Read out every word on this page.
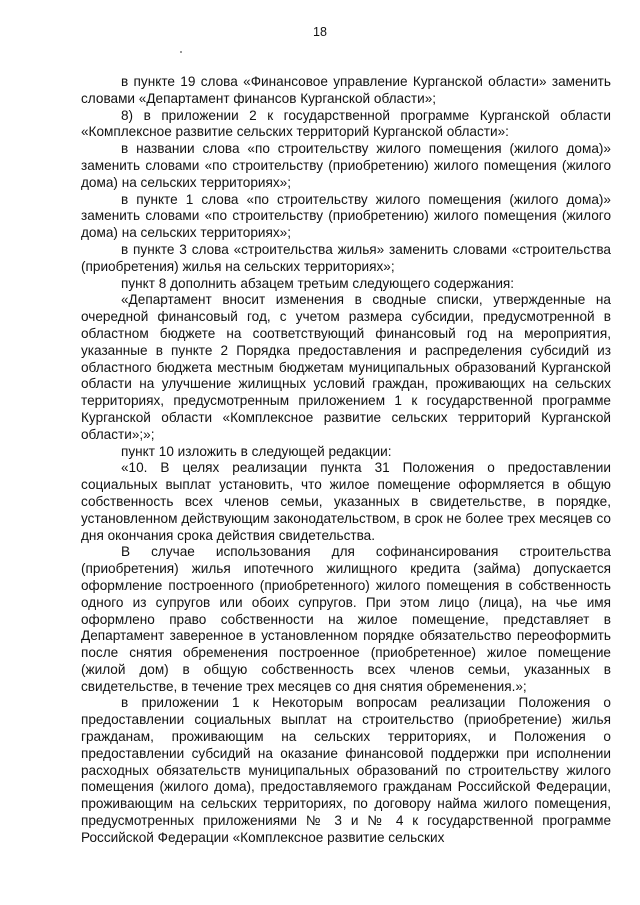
18

в пункте 19 слова «Финансовое управление Курганской области» заменить словами «Департамент финансов Курганской области»;

8) в приложении 2 к государственной программе Курганской области «Комплексное развитие сельских территорий Курганской области»:

в названии слова «по строительству жилого помещения (жилого дома)» заменить словами «по строительству (приобретению) жилого помещения (жилого дома) на сельских территориях»;

в пункте 1 слова «по строительству жилого помещения (жилого дома)» заменить словами «по строительству (приобретению) жилого помещения (жилого дома) на сельских территориях»;

в пункте 3 слова «строительства жилья» заменить словами «строительства (приобретения) жилья на сельских территориях»;

пункт 8 дополнить абзацем третьим следующего содержания:

«Департамент вносит изменения в сводные списки, утвержденные на очередной финансовый год, с учетом размера субсидии, предусмотренной в областном бюджете на соответствующий финансовый год на мероприятия, указанные в пункте 2 Порядка предоставления и распределения субсидий из областного бюджета местным бюджетам муниципальных образований Курганской области на улучшение жилищных условий граждан, проживающих на сельских территориях, предусмотренным приложением 1 к государственной программе Курганской области «Комплексное развитие сельских территорий Курганской области»;»;

пункт 10 изложить в следующей редакции:

«10. В целях реализации пункта 31 Положения о предоставлении социальных выплат установить, что жилое помещение оформляется в общую собственность всех членов семьи, указанных в свидетельстве, в порядке, установленном действующим законодательством, в срок не более трех месяцев со дня окончания срока действия свидетельства.

В случае использования для софинансирования строительства (приобретения) жилья ипотечного жилищного кредита (займа) допускается оформление построенного (приобретенного) жилого помещения в собственность одного из супругов или обоих супругов. При этом лицо (лица), на чье имя оформлено право собственности на жилое помещение, представляет в Департамент заверенное в установленном порядке обязательство переоформить после снятия обременения построенное (приобретенное) жилое помещение (жилой дом) в общую собственность всех членов семьи, указанных в свидетельстве, в течение трех месяцев со дня снятия обременения.»;

в приложении 1 к Некоторым вопросам реализации Положения о предоставлении социальных выплат на строительство (приобретение) жилья гражданам, проживающим на сельских территориях, и Положения о предоставлении субсидий на оказание финансовой поддержки при исполнении расходных обязательств муниципальных образований по строительству жилого помещения (жилого дома), предоставляемого гражданам Российской Федерации, проживающим на сельских территориях, по договору найма жилого помещения, предусмотренных приложениями № 3 и № 4 к государственной программе Российской Федерации «Комплексное развитие сельских
